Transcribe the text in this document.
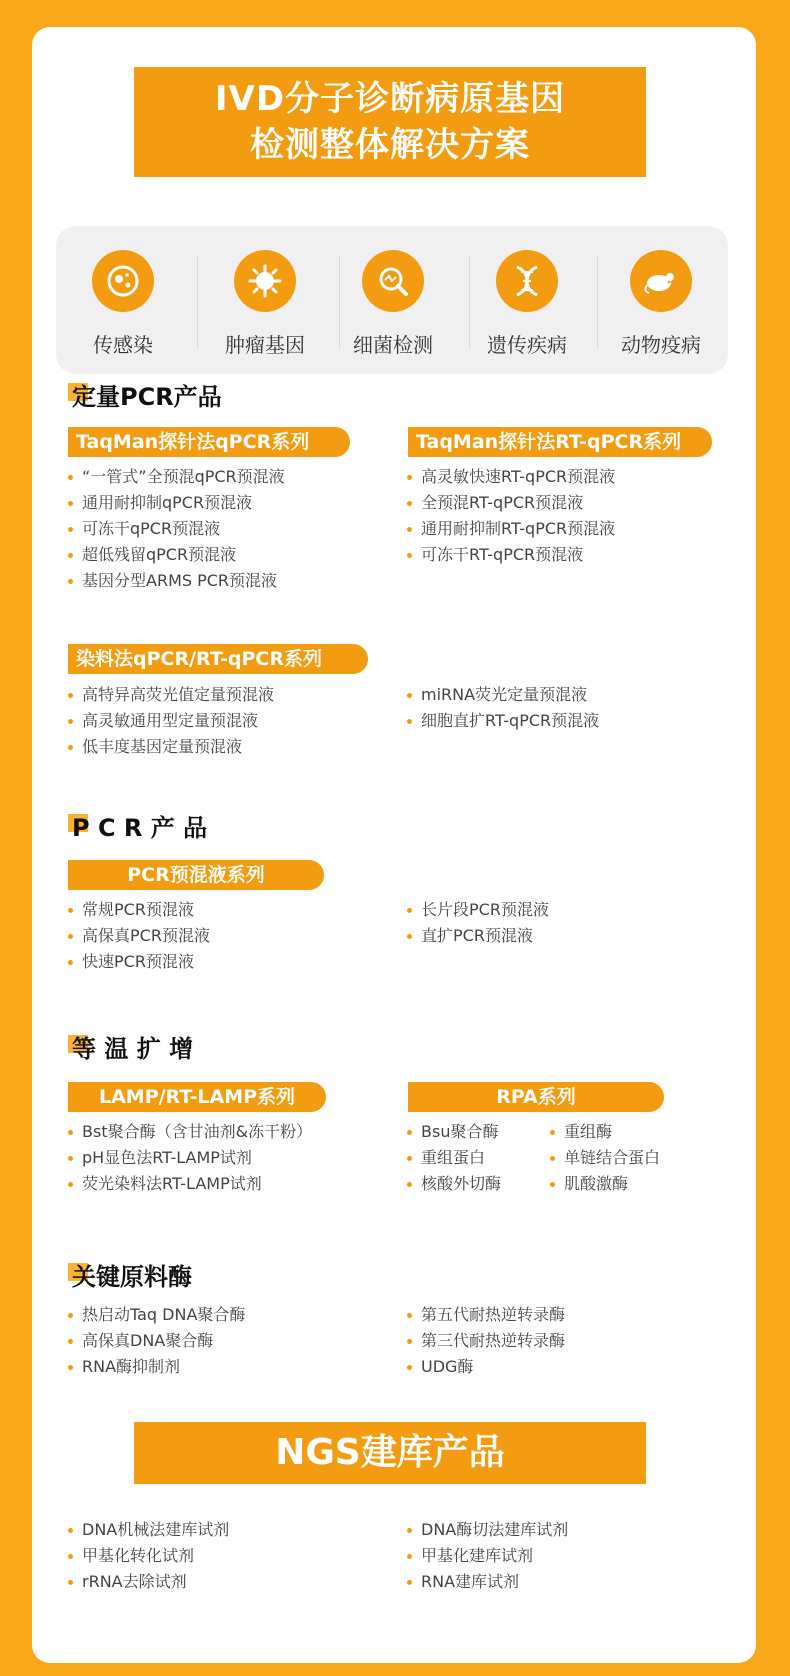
IVD分子诊断病原基因
检测整体解决方案
传感染	肿瘤基因	细菌检测	遗传疾病	动物疫病
定量PCR产品
TaqMan探针法qPCR系列	TaqMan探针法RT-qPCR系列
“一管式”全预混qPCR预混液
通用耐抑制qPCR预混液
可冻干qPCR预混液
超低残留qPCR预混液
基因分型ARMS PCR预混液
高灵敏快速RT-qPCR预混液
全预混RT-qPCR预混液
通用耐抑制RT-qPCR预混液
可冻干RT-qPCR预混液
染料法qPCR/RT-qPCR系列
高特异高荧光值定量预混液
高灵敏通用型定量预混液
低丰度基因定量预混液
miRNA荧光定量预混液
细胞直扩RT-qPCR预混液
P C R 产 品
PCR预混液系列
常规PCR预混液
高保真PCR预混液
快速PCR预混液
长片段PCR预混液
直扩PCR预混液
等 温 扩 增
LAMP/RT-LAMP系列	RPA系列
Bst聚合酶（含甘油剂&冻干粉）
pH显色法RT-LAMP试剂
荧光染料法RT-LAMP试剂
Bsu聚合酶
重组蛋白
核酸外切酶
重组酶
单链结合蛋白
肌酸激酶
关键原料酶
热启动Taq DNA聚合酶
高保真DNA聚合酶
RNA酶抑制剂
第五代耐热逆转录酶
第三代耐热逆转录酶
UDG酶
NGS建库产品
DNA机械法建库试剂
甲基化转化试剂
rRNA去除试剂
DNA酶切法建库试剂
甲基化建库试剂
RNA建库试剂
